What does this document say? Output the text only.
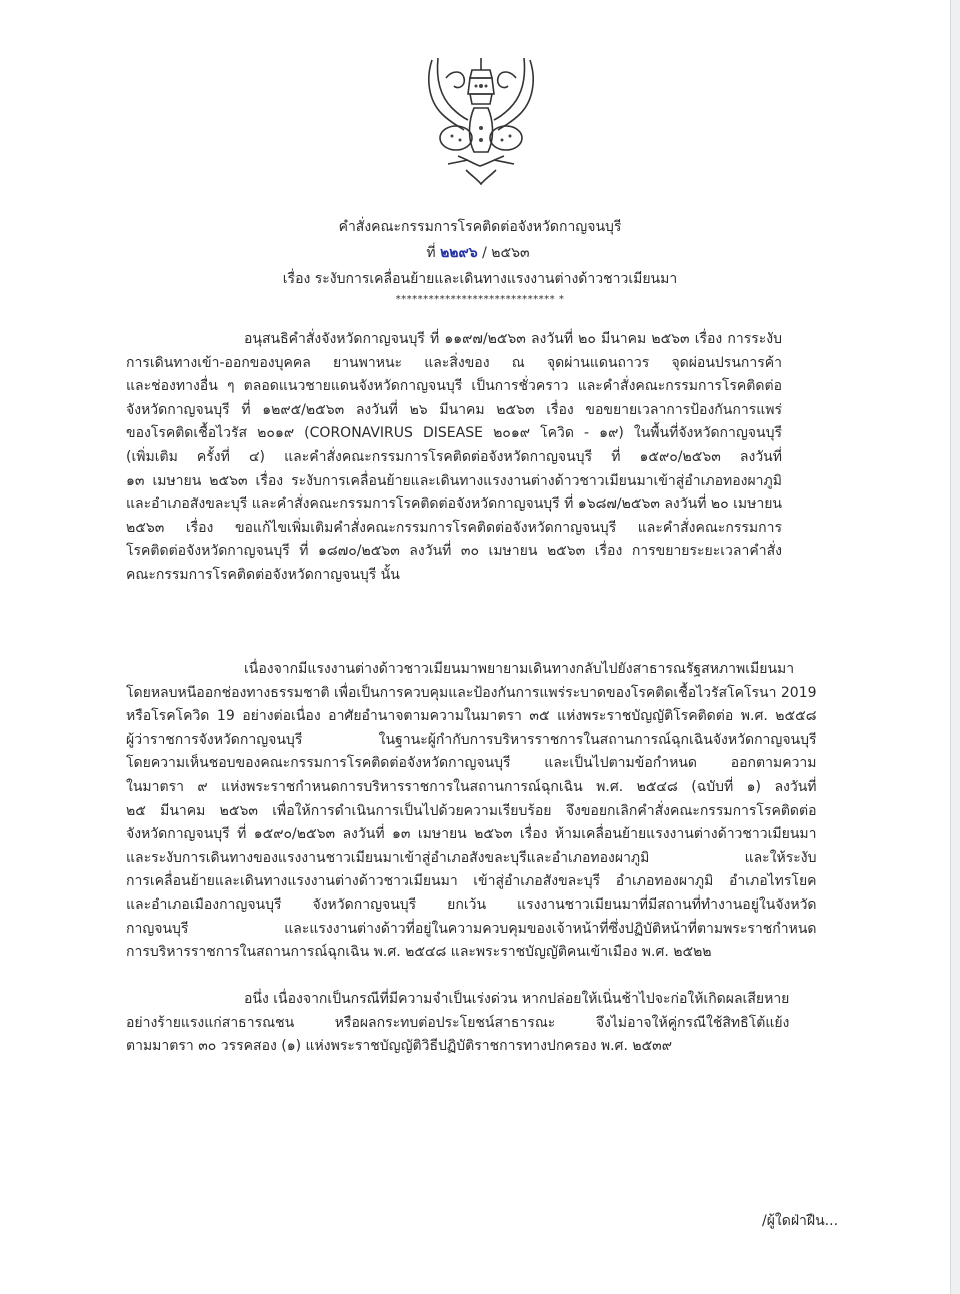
คำสั่งคณะกรรมการโรคติดต่อจังหวัดกาญจนบุรี
ที่ ๒๒๙๖ / ๒๕๖๓
เรื่อง ระงับการเคลื่อนย้ายและเดินทางแรงงานต่างด้าวชาวเมียนมา
***************************** *
อนุสนธิคำสั่งจังหวัดกาญจนบุรี ที่ ๑๑๙๗/๒๕๖๓ ลงวันที่ ๒๐ มีนาคม ๒๕๖๓ เรื่อง การระงับ
การเดินทางเข้า-ออกของบุคคล ยานพาหนะ และสิ่งของ ณ จุดผ่านแดนถาวร จุดผ่อนปรนการค้า
และช่องทางอื่น ๆ ตลอดแนวชายแดนจังหวัดกาญจนบุรี เป็นการชั่วคราว และคำสั่งคณะกรรมการโรคติดต่อ
จังหวัดกาญจนบุรี ที่ ๑๒๙๕/๒๕๖๓ ลงวันที่ ๒๖ มีนาคม ๒๕๖๓ เรื่อง ขอขยายเวลาการป้องกันการแพร่
ของโรคติดเชื้อไวรัส ๒๐๑๙ (CORONAVIRUS DISEASE ๒๐๑๙ โควิด - ๑๙) ในพื้นที่จังหวัดกาญจนบุรี
(เพิ่มเติม ครั้งที่ ๔) และคำสั่งคณะกรรมการโรคติดต่อจังหวัดกาญจนบุรี ที่ ๑๕๙๐/๒๕๖๓ ลงวันที่
๑๓ เมษายน ๒๕๖๓ เรื่อง ระงับการเคลื่อนย้ายและเดินทางแรงงานต่างด้าวชาวเมียนมาเข้าสู่อำเภอทองผาภูมิ
และอำเภอสังขละบุรี และคำสั่งคณะกรรมการโรคติดต่อจังหวัดกาญจนบุรี ที่ ๑๖๘๗/๒๕๖๓ ลงวันที่ ๒๐ เมษายน
๒๕๖๓ เรื่อง ขอแก้ไขเพิ่มเติมคำสั่งคณะกรรมการโรคติดต่อจังหวัดกาญจนบุรี และคำสั่งคณะกรรมการ
โรคติดต่อจังหวัดกาญจนบุรี ที่ ๑๘๗๐/๒๕๖๓ ลงวันที่ ๓๐ เมษายน ๒๕๖๓ เรื่อง การขยายระยะเวลาคำสั่ง
คณะกรรมการโรคติดต่อจังหวัดกาญจนบุรี นั้น
เนื่องจากมีแรงงานต่างด้าวชาวเมียนมาพยายามเดินทางกลับไปยังสาธารณรัฐสหภาพเมียนมา
โดยหลบหนีออกช่องทางธรรมชาติ เพื่อเป็นการควบคุมและป้องกันการแพร่ระบาดของโรคติดเชื้อไวรัสโคโรนา 2019
หรือโรคโควิด 19 อย่างต่อเนื่อง อาศัยอำนาจตามความในมาตรา ๓๕ แห่งพระราชบัญญัติโรคติดต่อ พ.ศ. ๒๕๕๘
ผู้ว่าราชการจังหวัดกาญจนบุรี ในฐานะผู้กำกับการบริหารราชการในสถานการณ์ฉุกเฉินจังหวัดกาญจนบุรี
โดยความเห็นชอบของคณะกรรมการโรคติดต่อจังหวัดกาญจนบุรี และเป็นไปตามข้อกำหนด ออกตามความ
ในมาตรา ๙ แห่งพระราชกำหนดการบริหารราชการในสถานการณ์ฉุกเฉิน พ.ศ. ๒๕๔๘ (ฉบับที่ ๑) ลงวันที่
๒๕ มีนาคม ๒๕๖๓ เพื่อให้การดำเนินการเป็นไปด้วยความเรียบร้อย จึงขอยกเลิกคำสั่งคณะกรรมการโรคติดต่อ
จังหวัดกาญจนบุรี ที่ ๑๕๙๐/๒๕๖๓ ลงวันที่ ๑๓ เมษายน ๒๕๖๓ เรื่อง ห้ามเคลื่อนย้ายแรงงานต่างด้าวชาวเมียนมา
และระงับการเดินทางของแรงงานชาวเมียนมาเข้าสู่อำเภอสังขละบุรีและอำเภอทองผาภูมิ และให้ระงับ
การเคลื่อนย้ายและเดินทางแรงงานต่างด้าวชาวเมียนมา เข้าสู่อำเภอสังขละบุรี อำเภอทองผาภูมิ อำเภอไทรโยค
และอำเภอเมืองกาญจนบุรี จังหวัดกาญจนบุรี ยกเว้น แรงงานชาวเมียนมาที่มีสถานที่ทำงานอยู่ในจังหวัด
กาญจนบุรี และแรงงานต่างด้าวที่อยู่ในความควบคุมของเจ้าหน้าที่ซึ่งปฏิบัติหน้าที่ตามพระราชกำหนด
การบริหารราชการในสถานการณ์ฉุกเฉิน พ.ศ. ๒๕๔๘ และพระราชบัญญัติคนเข้าเมือง พ.ศ. ๒๕๒๒
อนึ่ง เนื่องจากเป็นกรณีที่มีความจำเป็นเร่งด่วน หากปล่อยให้เนิ่นช้าไปจะก่อให้เกิดผลเสียหาย
อย่างร้ายแรงแก่สาธารณชน หรือผลกระทบต่อประโยชน์สาธารณะ จึงไม่อาจให้คู่กรณีใช้สิทธิโต้แย้ง
ตามมาตรา ๓๐ วรรคสอง (๑) แห่งพระราชบัญญัติวิธีปฏิบัติราชการทางปกครอง พ.ศ. ๒๕๓๙
/ผู้ใดฝ่าฝืน...
